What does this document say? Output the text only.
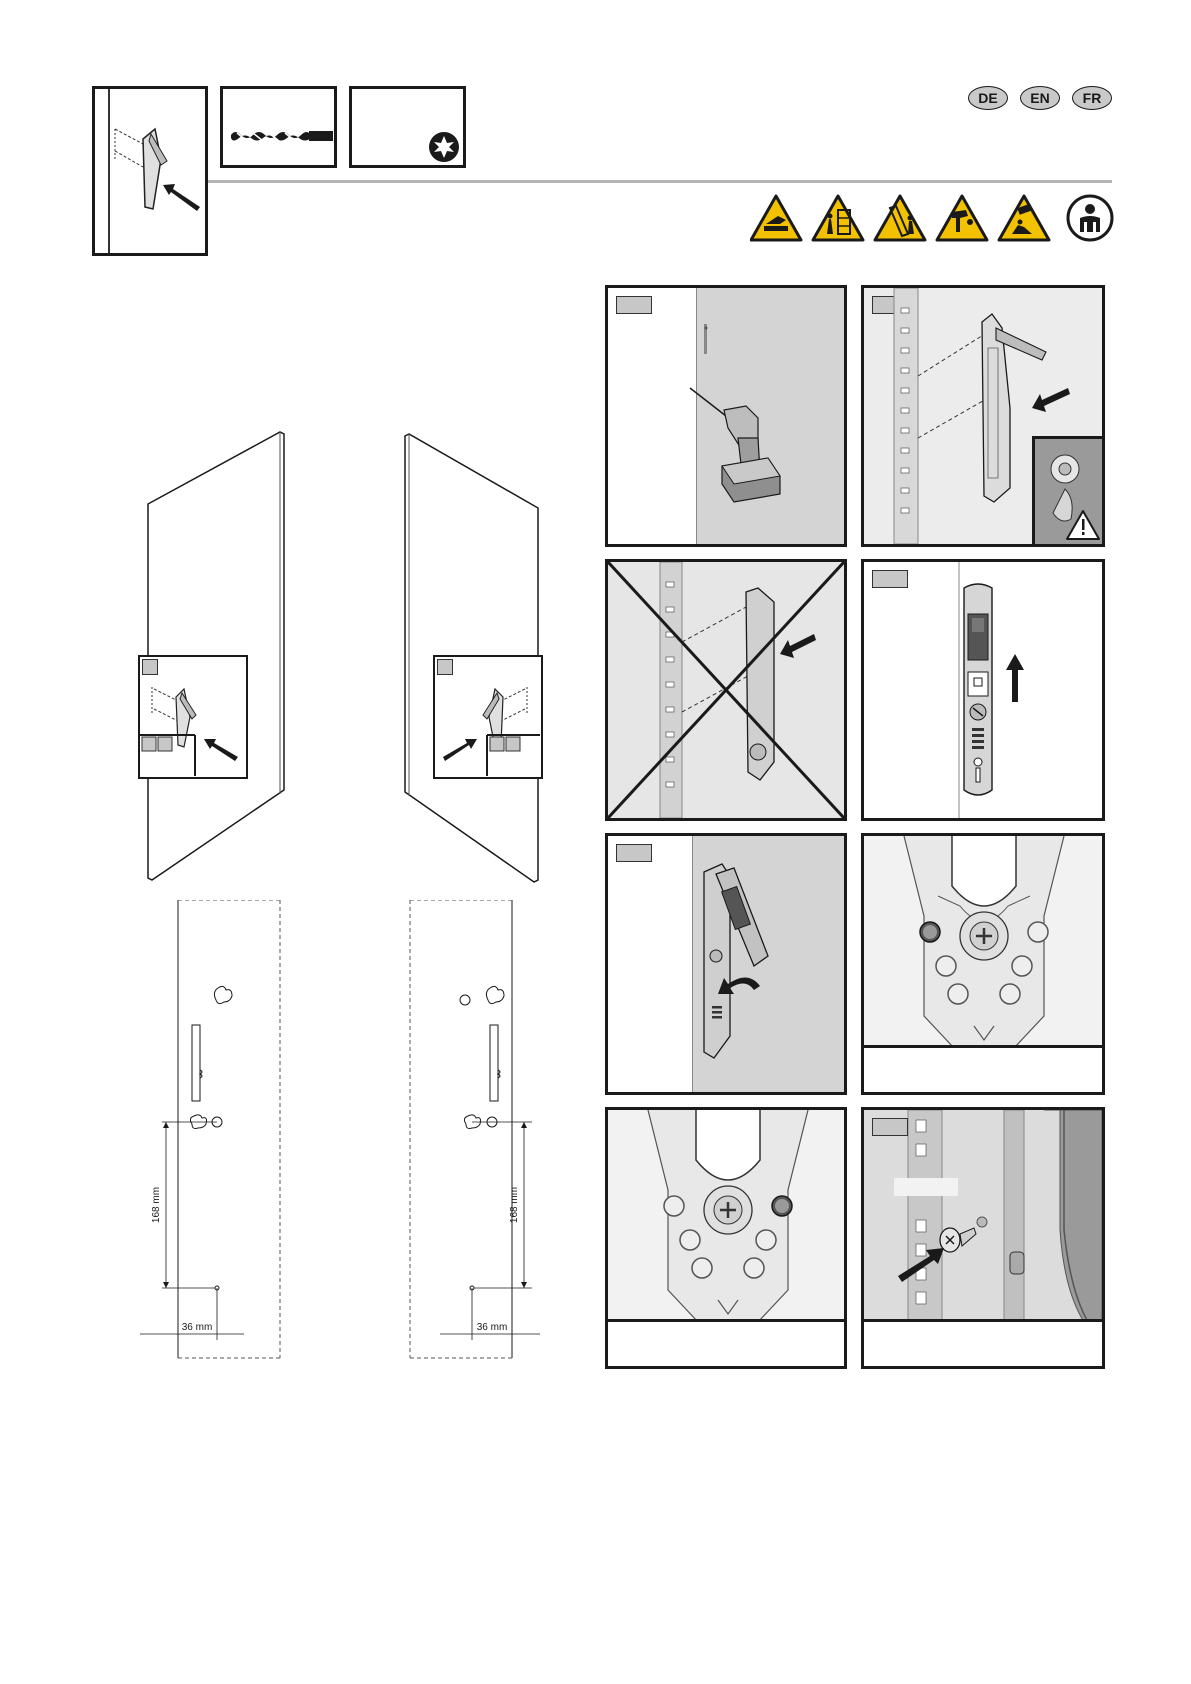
DE	EN	FR
168 mm
36 mm
168 mm
36 mm
